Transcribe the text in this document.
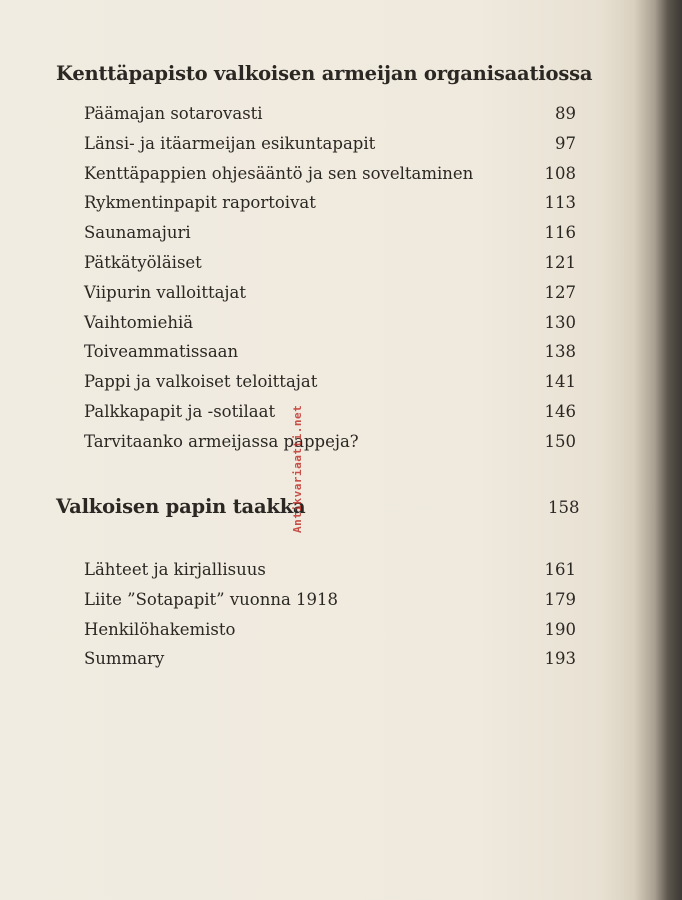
Kenttäpapisto valkoisen armeijan organisaatiossa
Päämajan sotarovasti	89
Länsi- ja itäarmeijan esikuntapapit	97
Kenttäpappien ohjesääntö ja sen soveltaminen	108
Rykmentinpapit raportoivat	113
Saunamajuri	116
Pätkätyöläiset	121
Viipurin valloittajat	127
Vaihtomiehiä	130
Toiveammatissaan	138
Pappi ja valkoiset teloittajat	141
Palkkapapit ja -sotilaat	146
Tarvitaanko armeijassa pappeja?	150
Valkoisen papin taakka	158
Lähteet ja kirjallisuus	161
Liite ”Sotapapit” vuonna 1918	179
Henkilöhakemisto	190
Summary	193
Antikvariaatti.net
